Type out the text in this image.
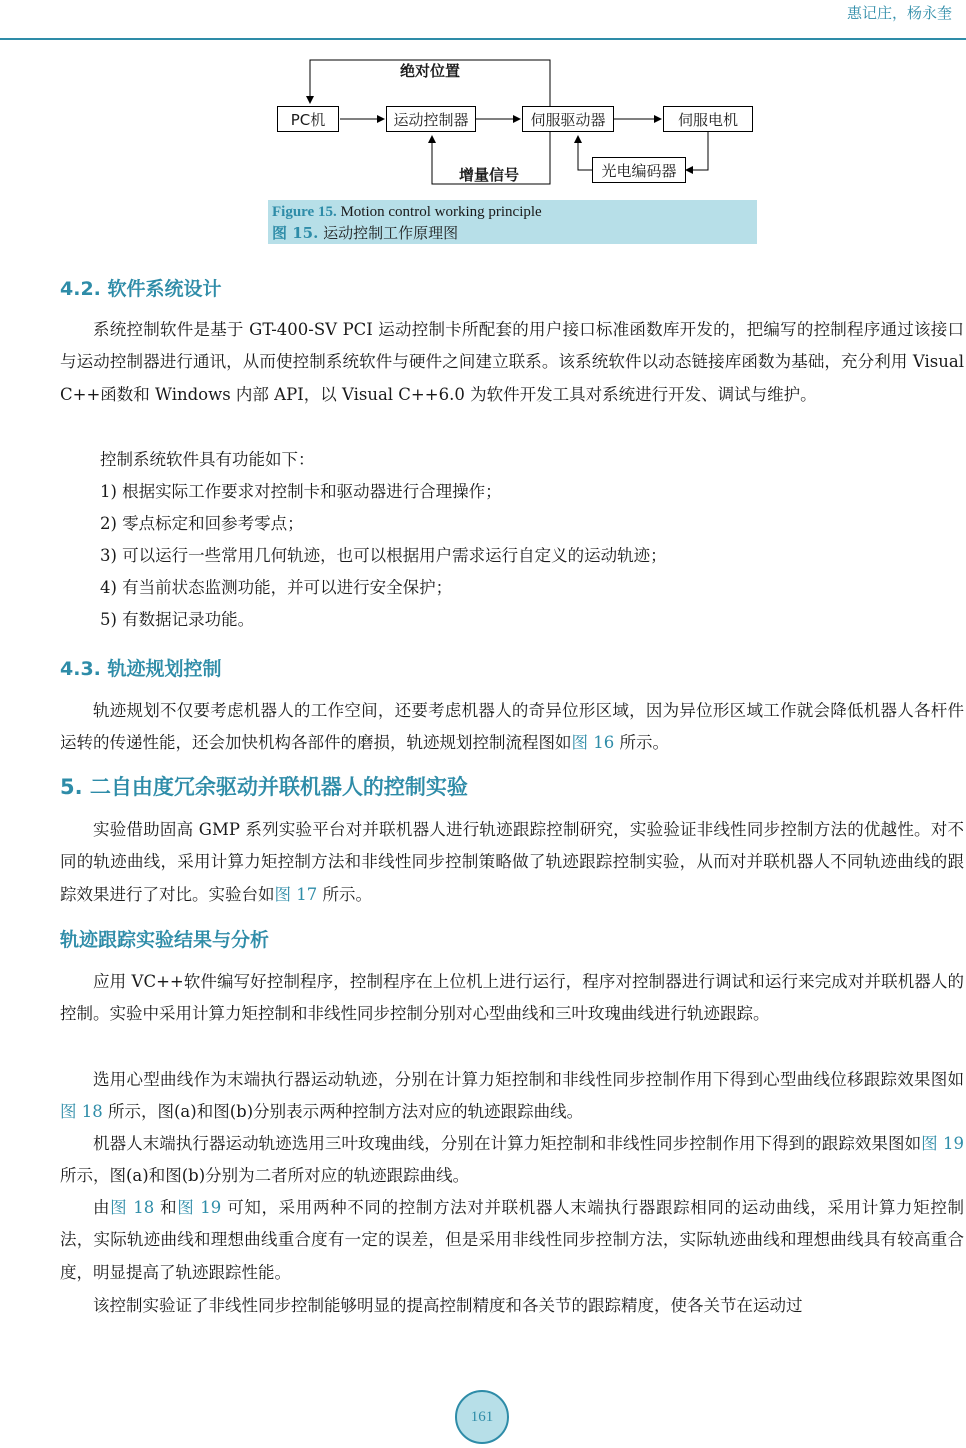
惠记庄，杨永奎
PC机	运动控制器	伺服驱动器	伺服电机
光电编码器
绝对位置
增量信号
Figure 15. Motion control working principle
图 15. 运动控制工作原理图
4.2. 软件系统设计

系统控制软件是基于 GT-400-SV PCI 运动控制卡所配套的用户接口标准函数库开发的，把编写的控制程序通过该接口与运动控制器进行通讯，从而使控制系统软件与硬件之间建立联系。该系统软件以动态链接库函数为基础，充分利用 Visual C++函数和 Windows 内部 API，以 Visual C++6.0 为软件开发工具对系统进行开发、调试与维护。

控制系统软件具有功能如下：
1) 根据实际工作要求对控制卡和驱动器进行合理操作；
2) 零点标定和回参考零点；
3) 可以运行一些常用几何轨迹，也可以根据用户需求运行自定义的运动轨迹；
4) 有当前状态监测功能，并可以进行安全保护；
5) 有数据记录功能。
4.3. 轨迹规划控制

轨迹规划不仅要考虑机器人的工作空间，还要考虑机器人的奇异位形区域，因为异位形区域工作就会降低机器人各杆件运转的传递性能，还会加快机构各部件的磨损，轨迹规划控制流程图如图 16 所示。

5. 二自由度冗余驱动并联机器人的控制实验

实验借助固高 GMP 系列实验平台对并联机器人进行轨迹跟踪控制研究，实验验证非线性同步控制方法的优越性。对不同的轨迹曲线，采用计算力矩控制方法和非线性同步控制策略做了轨迹跟踪控制实验，从而对并联机器人不同轨迹曲线的跟踪效果进行了对比。实验台如图 17 所示。

轨迹跟踪实验结果与分析

应用 VC++软件编写好控制程序，控制程序在上位机上进行运行，程序对控制器进行调试和运行来完成对并联机器人的控制。实验中采用计算力矩控制和非线性同步控制分别对心型曲线和三叶玫瑰曲线进行轨迹跟踪。

选用心型曲线作为末端执行器运动轨迹，分别在计算力矩控制和非线性同步控制作用下得到心型曲线位移跟踪效果图如图 18 所示，图(a)和图(b)分别表示两种控制方法对应的轨迹跟踪曲线。

机器人末端执行器运动轨迹选用三叶玫瑰曲线，分别在计算力矩控制和非线性同步控制作用下得到的跟踪效果图如图 19 所示，图(a)和图(b)分别为二者所对应的轨迹跟踪曲线。

由图 18 和图 19 可知，采用两种不同的控制方法对并联机器人末端执行器跟踪相同的运动曲线，采用计算力矩控制法，实际轨迹曲线和理想曲线重合度有一定的误差，但是采用非线性同步控制方法，实际轨迹曲线和理想曲线具有较高重合度，明显提高了轨迹跟踪性能。

该控制实验证了非线性同步控制能够明显的提高控制精度和各关节的跟踪精度，使各关节在运动过

161
